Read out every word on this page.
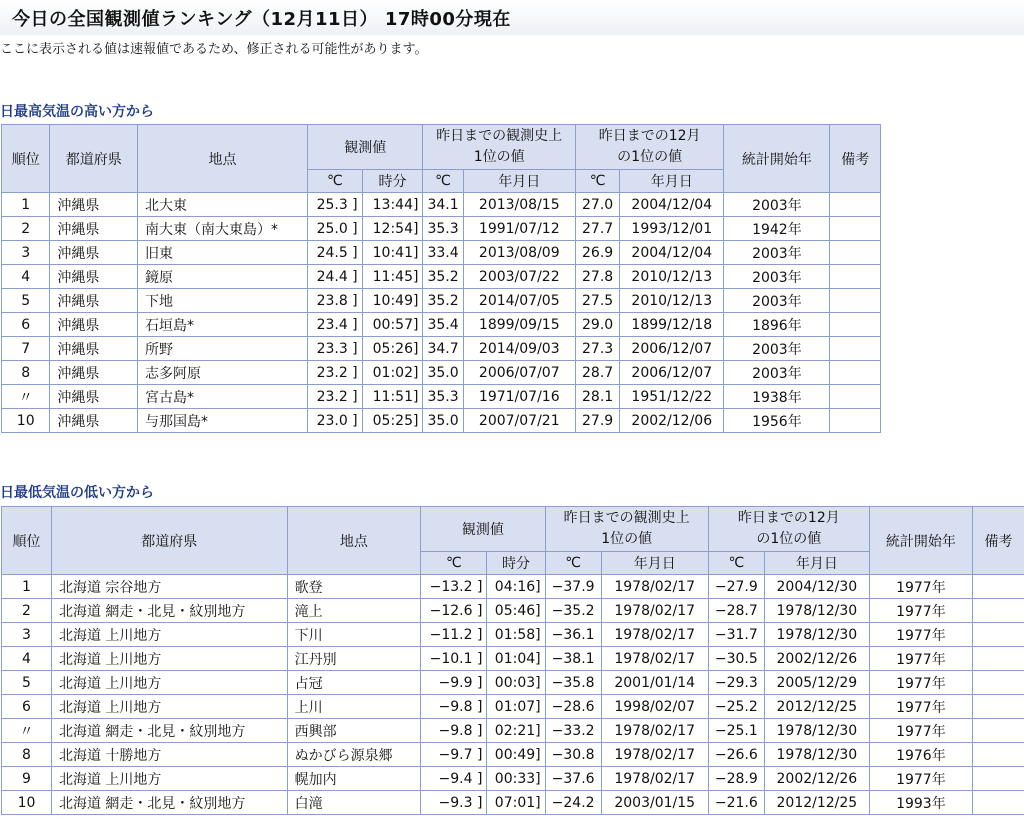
今日の全国観測値ランキング（12月11日） 17時00分現在
ここに表示される値は速報値であるため、修正される可能性があります。
日最高気温の高い方から
順位	都道府県	地点	観測値		昨日までの観測史上1位の値		昨日までの12月の1位の値		統計開始年	備考
			℃	時分	℃	年月日	℃	年月日		
1	沖縄県	北大東	25.3 ]	13:44]	34.1	2013/08/15	27.0	2004/12/04	2003年	
2	沖縄県	南大東（南大東島）*	25.0 ]	12:54]	35.3	1991/07/12	27.7	1993/12/01	1942年	
3	沖縄県	旧東	24.5 ]	10:41]	33.4	2013/08/09	26.9	2004/12/04	2003年	
4	沖縄県	鏡原	24.4 ]	11:45]	35.2	2003/07/22	27.8	2010/12/13	2003年	
5	沖縄県	下地	23.8 ]	10:49]	35.2	2014/07/05	27.5	2010/12/13	2003年	
6	沖縄県	石垣島*	23.4 ]	00:57]	35.4	1899/09/15	29.0	1899/12/18	1896年	
7	沖縄県	所野	23.3 ]	05:26]	34.7	2014/09/03	27.3	2006/12/07	2003年	
8	沖縄県	志多阿原	23.2 ]	01:02]	35.0	2006/07/07	28.7	2006/12/07	2003年	
〃	沖縄県	宮古島*	23.2 ]	11:51]	35.3	1971/07/16	28.1	1951/12/22	1938年	
10	沖縄県	与那国島*	23.0 ]	05:25]	35.0	2007/07/21	27.9	2002/12/06	1956年	
日最低気温の低い方から
順位	都道府県	地点	観測値		昨日までの観測史上1位の値		昨日までの12月の1位の値		統計開始年	備考
			℃	時分	℃	年月日	℃	年月日		
1	北海道 宗谷地方	歌登	−13.2 ]	04:16]	−37.9	1978/02/17	−27.9	2004/12/30	1977年	
2	北海道 網走・北見・紋別地方	滝上	−12.6 ]	05:46]	−35.2	1978/02/17	−28.7	1978/12/30	1977年	
3	北海道 上川地方	下川	−11.2 ]	01:58]	−36.1	1978/02/17	−31.7	1978/12/30	1977年	
4	北海道 上川地方	江丹別	−10.1 ]	01:04]	−38.1	1978/02/17	−30.5	2002/12/26	1977年	
5	北海道 上川地方	占冠	−9.9 ]	00:03]	−35.8	2001/01/14	−29.3	2005/12/29	1977年	
6	北海道 上川地方	上川	−9.8 ]	01:07]	−28.6	1998/02/07	−25.2	2012/12/25	1977年	
〃	北海道 網走・北見・紋別地方	西興部	−9.8 ]	02:21]	−33.2	1978/02/17	−25.1	1978/12/30	1977年	
8	北海道 十勝地方	ぬかびら源泉郷	−9.7 ]	00:49]	−30.8	1978/02/17	−26.6	1978/12/30	1976年	
9	北海道 上川地方	幌加内	−9.4 ]	00:33]	−37.6	1978/02/17	−28.9	2002/12/26	1977年	
10	北海道 網走・北見・紋別地方	白滝	−9.3 ]	07:01]	−24.2	2003/01/15	−21.6	2012/12/25	1993年	
